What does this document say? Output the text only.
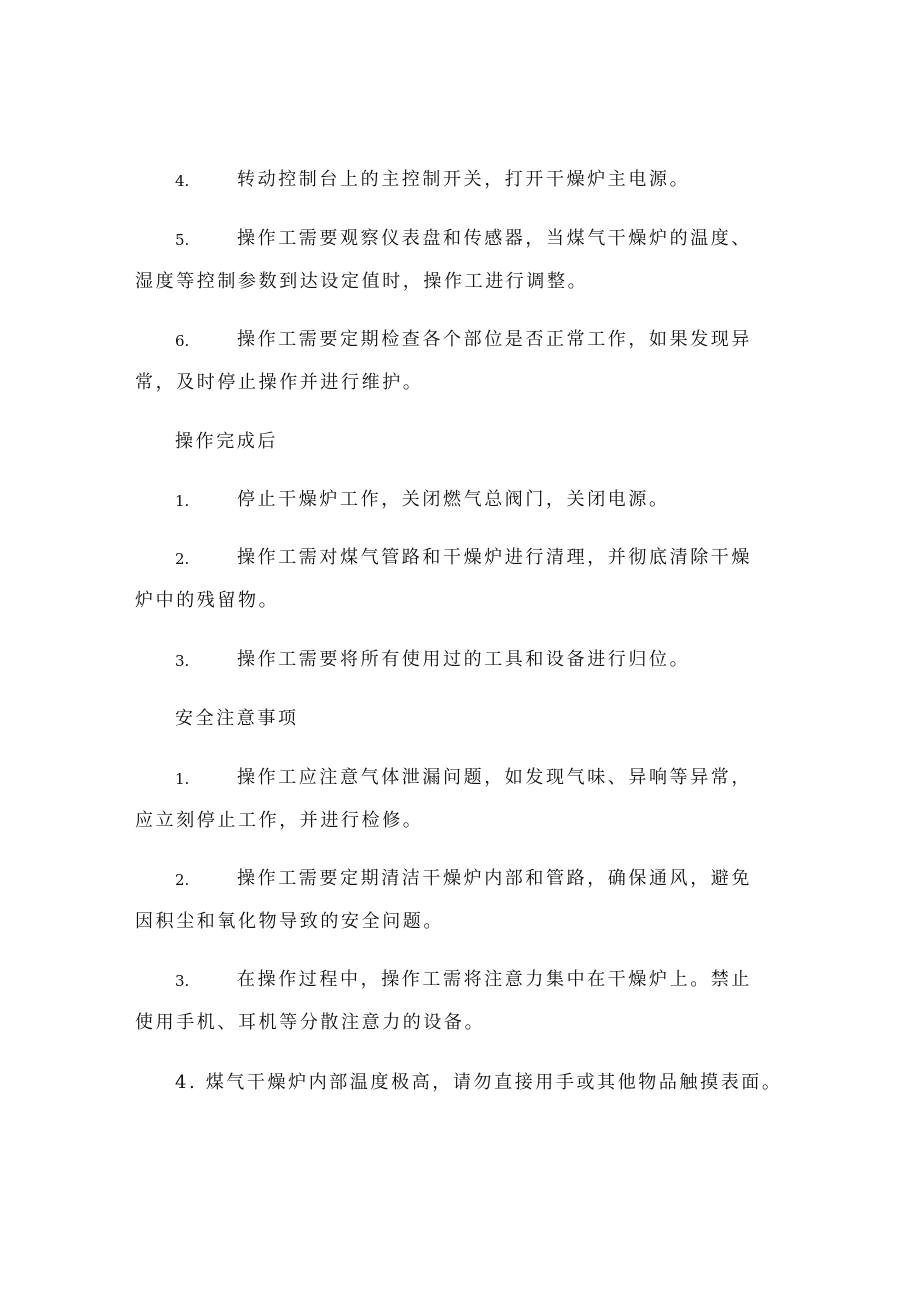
4.	转动控制台上的主控制开关，打开干燥炉主电源。
5.	操作工需要观察仪表盘和传感器，当煤气干燥炉的温度、
湿度等控制参数到达设定值时，操作工进行调整。
6.	操作工需要定期检查各个部位是否正常工作，如果发现异
常，及时停止操作并进行维护。
操作完成后
1.	停止干燥炉工作，关闭燃气总阀门，关闭电源。
2.	操作工需对煤气管路和干燥炉进行清理，并彻底清除干燥
炉中的残留物。
3.	操作工需要将所有使用过的工具和设备进行归位。
安全注意事项
1.	操作工应注意气体泄漏问题，如发现气味、异响等异常，
应立刻停止工作，并进行检修。
2.	操作工需要定期清洁干燥炉内部和管路，确保通风，避免
因积尘和氧化物导致的安全问题。
3.	在操作过程中，操作工需将注意力集中在干燥炉上。禁止
使用手机、耳机等分散注意力的设备。
4. 煤气干燥炉内部温度极高，请勿直接用手或其他物品触摸表面。
